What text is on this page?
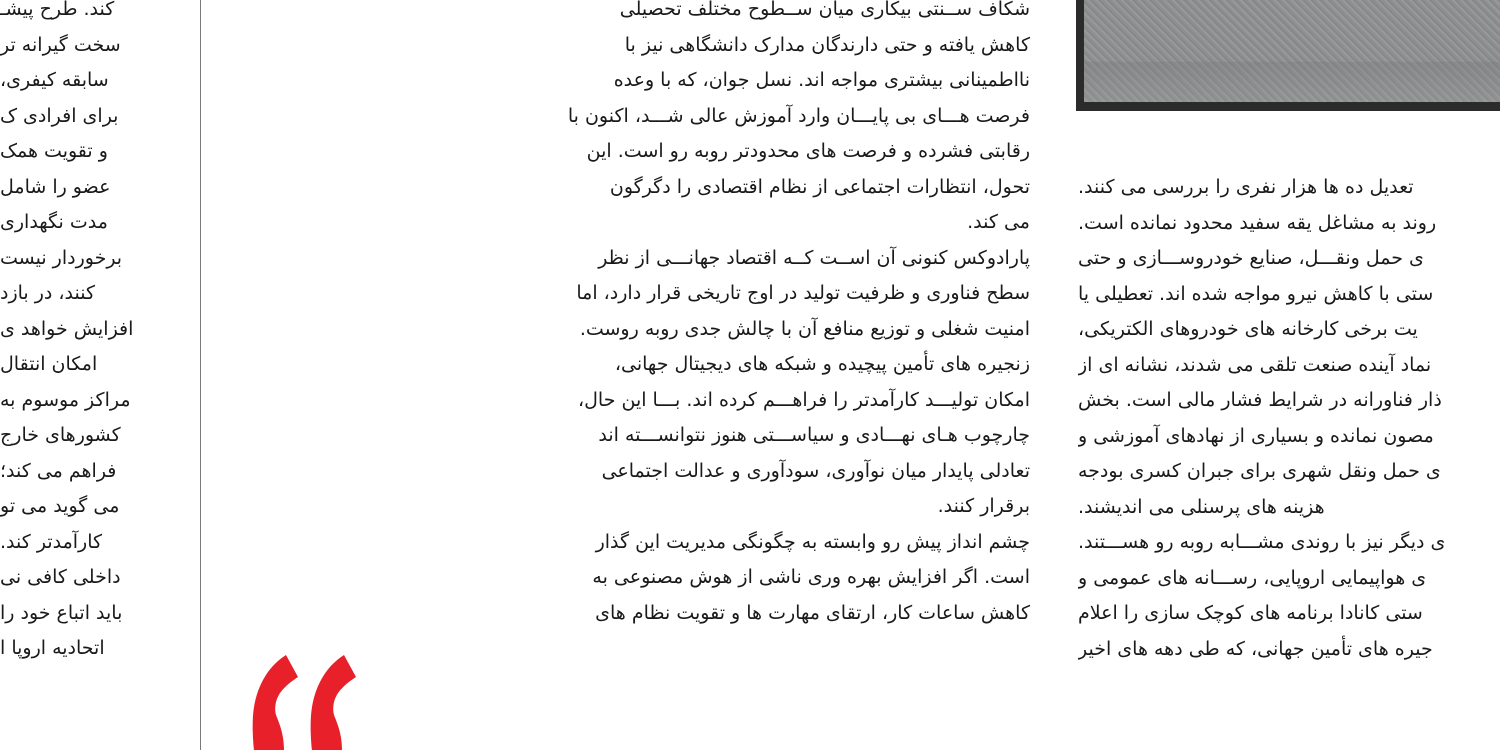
کند. طرح پیشـ
سخت گیرانه تر
سابقه کیفری،
برای افرادی ک
و تقویت همک
عضو را شامل
مدت نگهداری
برخوردار نیست
کنند، در بازد
افزایش خواهد ی
امکان انتقال
مراکز موسوم به
کشورهای خارج
فراهم می کند؛
می گوید می تو
کارآمدتر کند.
داخلی کافی نی
باید اتباع خود را
اتحادیه اروپا ا

شکاف ســنتی بیکاری میان ســطوح مختلف تحصیلی
کاهش یافته و حتی دارندگان مدارک دانشگاهی نیز با
نااطمینانی بیشتری مواجه اند. نسل جوان، که با وعده
فرصت هـــای بی پایـــان وارد آموزش عالی شـــد، اکنون با
رقابتی فشرده و فرصت های محدودتر روبه رو است. این
تحول، انتظارات اجتماعی از نظام اقتصادی را دگرگون
می کند.

پارادوکس کنونی آن اســت کــه اقتصاد جهانـــی از نظر
سطح فناوری و ظرفیت تولید در اوج تاریخی قرار دارد، اما
امنیت شغلی و توزیع منافع آن با چالش جدی روبه روست.
زنجیره های تأمین پیچیده و شبکه های دیجیتال جهانی،
امکان تولیـــد کارآمدتر را فراهـــم کرده اند. بـــا این حال،
چارچوب هـای نهـــادی و سیاســـتی هنوز نتوانســـته اند
تعادلی پایدار میان نوآوری، سودآوری و عدالت اجتماعی
برقرار کنند.

چشم انداز پیش رو وابسته به چگونگی مدیریت این گذار
است. اگر افزایش بهره وری ناشی از هوش مصنوعی به
کاهش ساعات کار، ارتقای مهارت ها و تقویت نظام های

تعدیل ده ها هزار نفری را بررسی می کنند.
روند به مشاغل یقه سفید محدود نمانده است.
ی حمل ونقـــل، صنایع خودروســـازی و حتی
ستی با کاهش نیرو مواجه شده اند. تعطیلی یا
یت برخی کارخانه های خودروهای الکتریکی،
نماد آینده صنعت تلقی می شدند، نشانه ای از
ذار فناورانه در شرایط فشار مالی است. بخش
مصون نمانده و بسیاری از نهادهای آموزشی و
ی حمل ونقل شهری برای جبران کسری بودجه
هزینه های پرسنلی می اندیشند.
ی دیگر نیز با روندی مشـــابه روبه رو هســـتند.
ی هواپیمایی اروپایی، رســـانه های عمومی و
ستی کانادا برنامه های کوچک سازی را اعلام
جیره های تأمین جهانی، که طی دهه های اخیر
